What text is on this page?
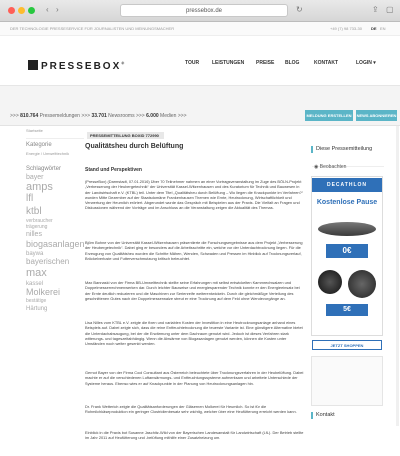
‹ ›	pressebox.de	↻	⇪ ▢
DER TECHNOLOGIE PRESSESERVICE FÜR JOURNALISTEN UND MEINUNGSMACHER	+49 (7) 98 733-30 DE EN
PRESSEBOX®	TOUR	LEISTUNGEN PREISE BLOG	KONTAKT	LOGIN ▾
>>> 810.764 Pressemeldungen >>> 33.701 Newsrooms >>> 6.000 Medien >>>	MELDUNG ERSTELLEN	NEWS ABONNIEREN
Startseite
Kategorie
Energie / Umwelttechnik
Schlagwörter
bayer
amps
lfl
ktbl
verbraucher
trägerung
nilles
biogasanlagen
baywa
bayerischen
max
kassel
Molkerei
bestätige
Härtung
PRESSEMITTEILUNG BOXID 772990
Qualitätsheu durch Belüftung
Stand und Perspektiven
(PresseBox) (Darmstadt, 07.01.2016) Über 70 Teilnehmer nahmen an einer Vortragsveranstaltung im Zuge des BÖLN-Projekt „Verbesserung der Heubergetechnik“ der Universität Kassel-Witzenhausen und des Kuratorium für Technik und Bauwesen in der Landwirtschaft e.V. (KTBL) teil. Unter dem Titel „Qualitätsheu durch Belüftung – Wo liegen die Knackpunkte im Verfahren?“ wurden Mitte Dezember auf der Staatsdomäne Frankenhausen Themen wie Ernte, Heutrocknung, Wirtschaftlichkeit und Verwertung der Heumilch erörtert. Abgerundet wurde das Gespräch mit Beispielen aus der Praxis. Die Vielfalt an Fragen und Diskussionen während der Vorträge und im Anschluss an die Veranstaltung zeigen die Aktualität des Themas.
Björn Bohne von der Universität Kassel-Witzenhausen präsentierte die Forschungsergebnisse aus dem Projekt „Verbesserung der Heubergetechnik“. Dabei ging er besonders auf die Arbeitsschritte ein, welche vor der Unterdachtrocknung liegen. Für die Erzeugung von Qualitätsheu wurden die Schritte Mähen, Wenden, Schwaden und Pressen im Hinblick auf Trocknungsverlauf, Bröckelverluste und Futterverschmutzung kritisch beleuchtet.
Max Bannaski von der Firma BB-Umwelttechnik stellte seine Erfahrungen mit selbst entwickelten Kammrechwalzen und Doppelmesserrechmenwerken dar. Durch leichter Bauweise und energiesparender Technik konnte er den Energieeinsatz bei der Ernte deutlich reduzieren und die Maschinen zur Serienreife weiterentwickeln. Durch die gleichmäßige Verteilung des geschnittenen Gutes nach der Doppelmesserwalze streut er eine Trocknung auf dem Feld ohne Wendevorgänge an.
Lisa Nilles vom KTBL e.V. zeigte die fixen und variablen Kosten der Investition in eine Heutrocknungsanlage anhand eines Beispiels auf. Dabei zeigte sich, dass die reine Entfeuchtetrocknung die teuerste Variante ist. Eine günstigere Alternative bietet die Unterdachabsaugung, bei der die Erwärmung unter dem Dachraum genutzt wird. Jedoch ist dieses Verfahren stark witterungs- und tageszeitabhängig. Wenn die Abwärme von Biogasanlagen genutzt werden, können die Kosten unter Umständen noch weiter gesenkt werden.
Gernot Bayer von der Firma Cool Consultant aus Österreich beleuchtete über Trocknungsverfahren in der Heubelüftung. Dabei machte er auf die verschiedenen Luftanwärmungs- und Entfeuchtungssysteme aufmerksam und arbeitete Unterschiede der Systeme heraus. Ebenso wies er auf Knackpunkte in der Planung von Heutrocknungsanlagen hin.
Dr. Frank Wetterich zeigte die Qualitätsanforderungen der Gläsernen Molkerei für Heumilch. So ist für die Rohmilchkäseproduktion ein geringer Clostridienbesatz sehr wichtig, welcher über eine Heufütterung erreicht werden kann.
Einblick in die Praxis bot Susanne Jaschitz-Wild von der Bayerischen Landesanstalt für Landwirtschaft (LfL). Der Betrieb stellte im Jahr 2011 auf Heufütterung und -belüftung mithilfe einer Zusatzheizung um.
Diese Pressemitteilung
◉ Beobachten
DECATHLON
Kostenlose Pause
0€
5€
JETZT SHOPPEN
Kontakt
